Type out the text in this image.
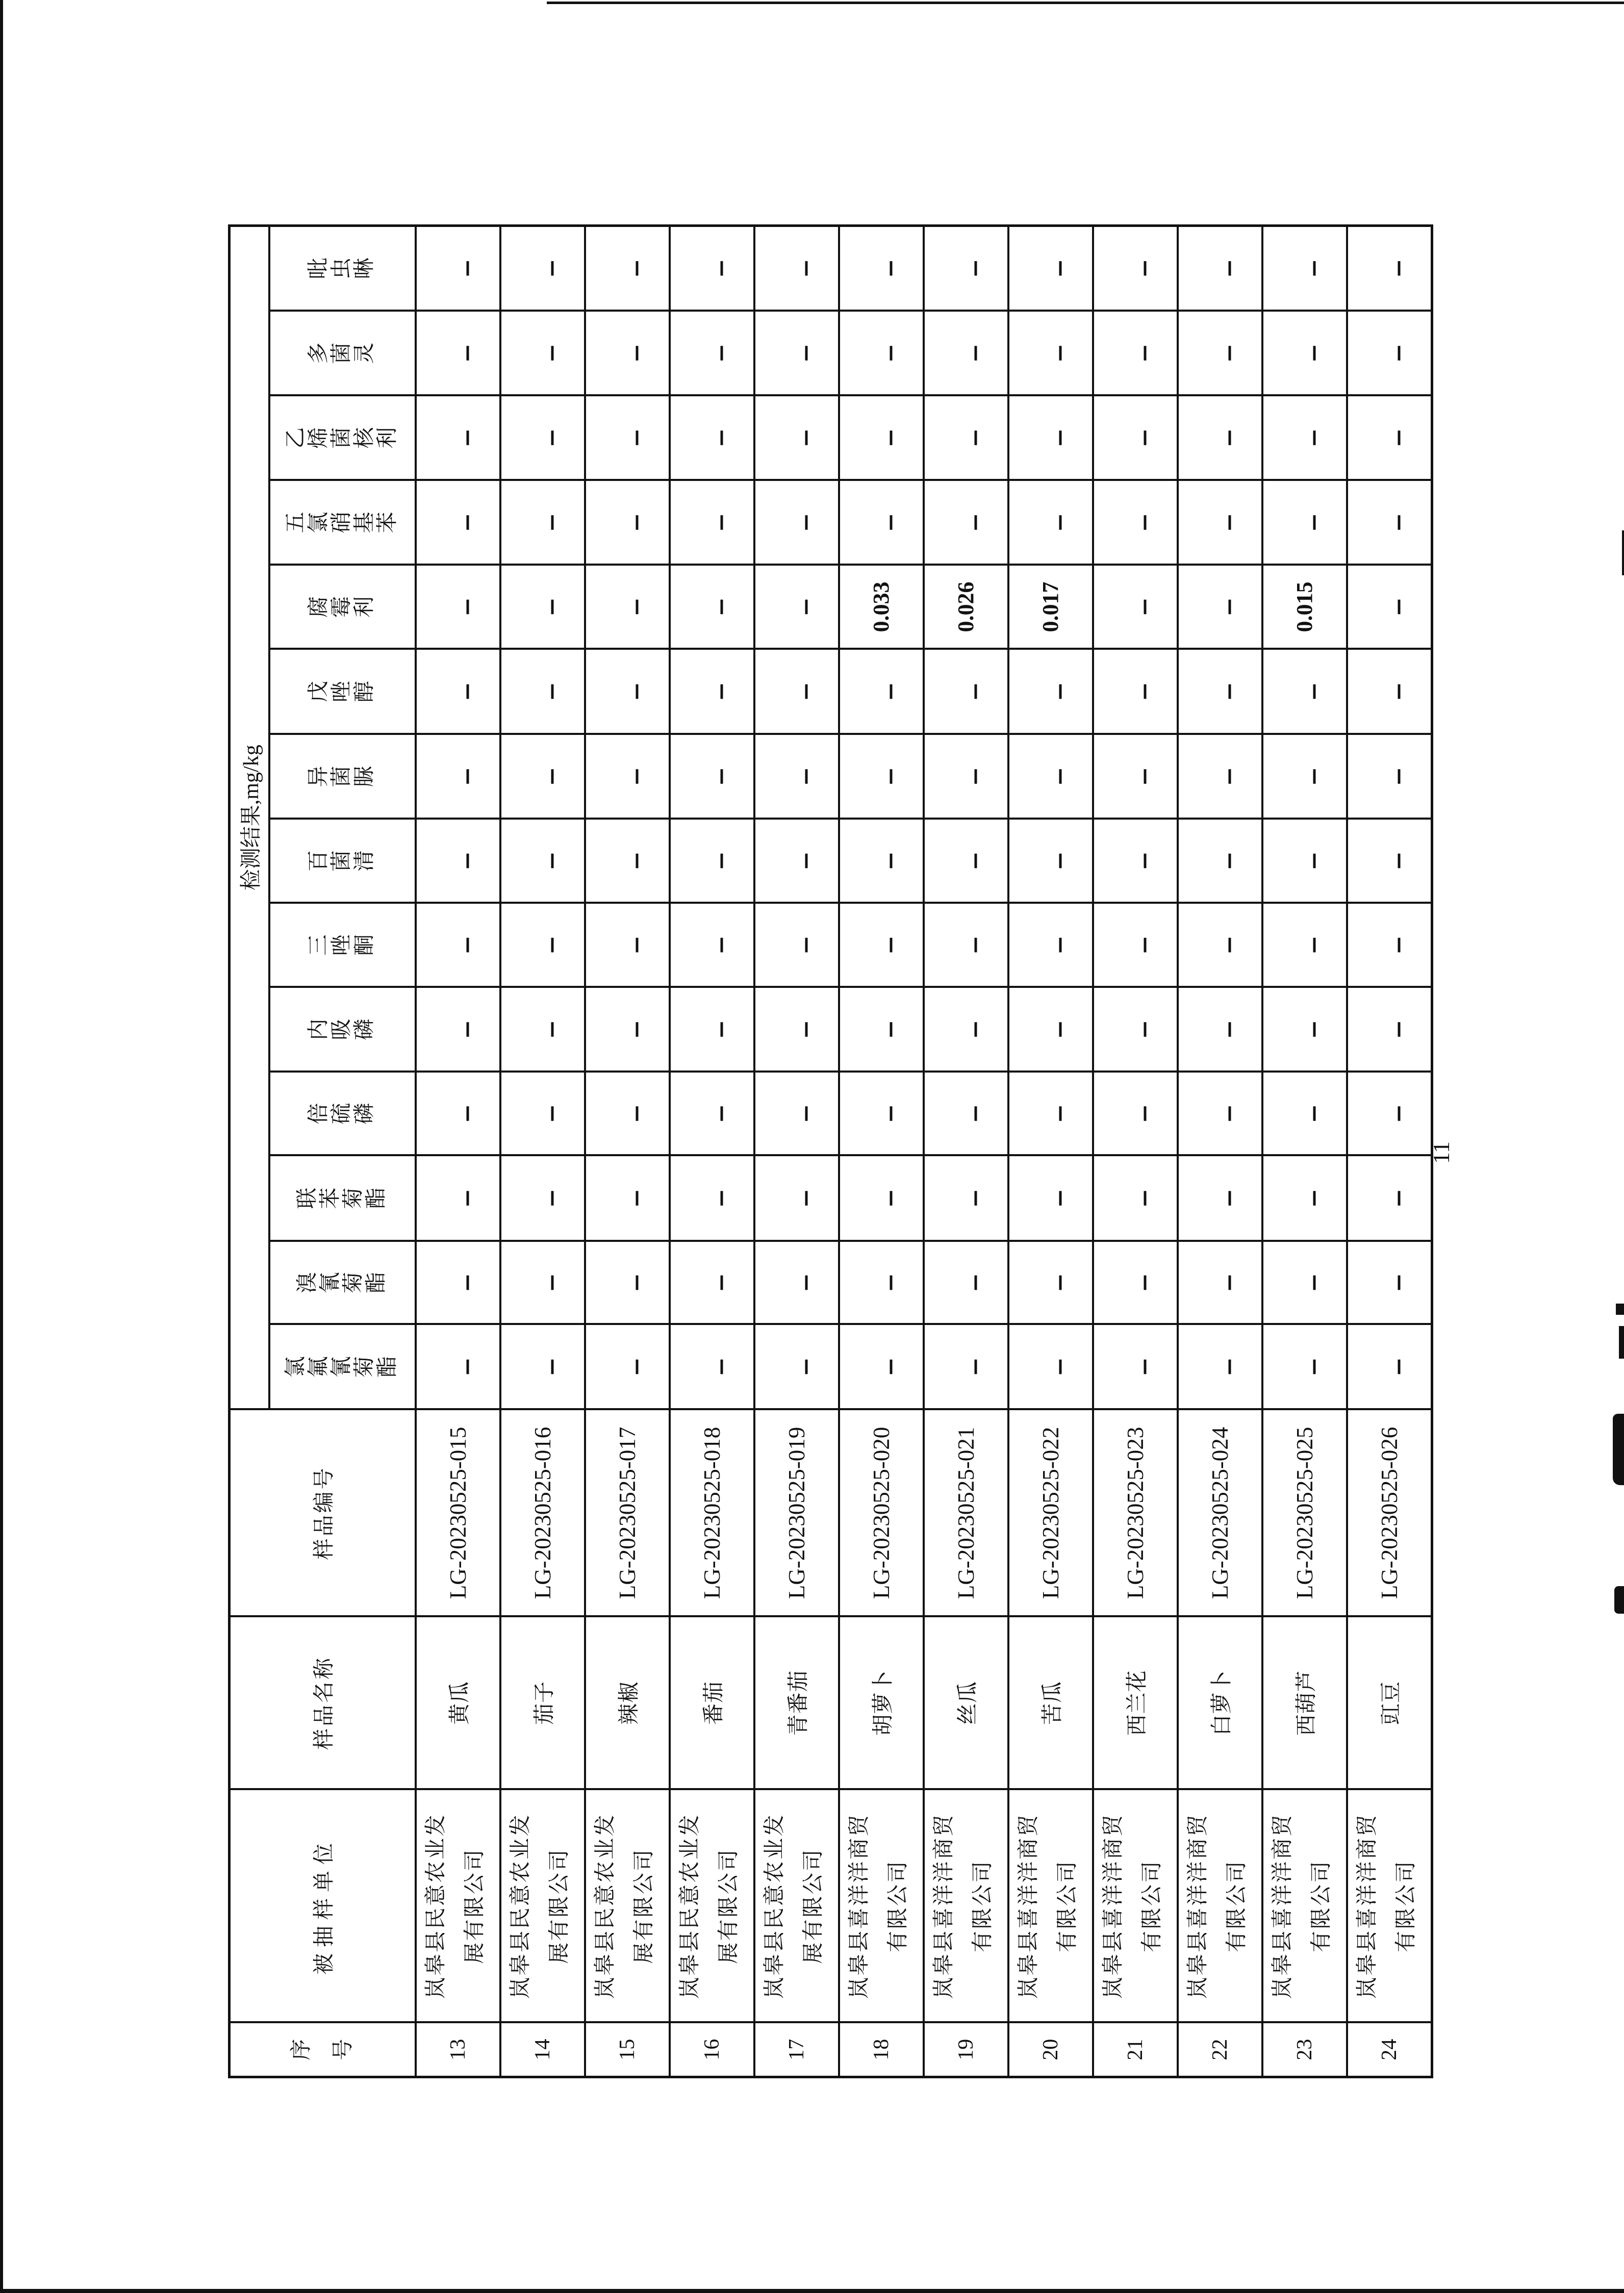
序号	被抽样单位	样品名称	样品编号	检测结果,mg/kg													
				氯氟氰菊酯	溴氰菊酯	联苯菊酯	倍硫磷	内吸磷	三唑酮	百菌清	异菌脲	戊唑醇	腐霉利	五氯硝基苯	乙烯菌核利	多菌灵	吡虫啉
13	岚皋县民意农业发展有限公司	黄瓜	LG-20230525-015	—	—	—	—	—	—	—	—	—	—	—	—	—	—
14	岚皋县民意农业发展有限公司	茄子	LG-20230525-016	—	—	—	—	—	—	—	—	—	—	—	—	—	—
15	岚皋县民意农业发展有限公司	辣椒	LG-20230525-017	—	—	—	—	—	—	—	—	—	—	—	—	—	—
16	岚皋县民意农业发展有限公司	番茄	LG-20230525-018	—	—	—	—	—	—	—	—	—	—	—	—	—	—
17	岚皋县民意农业发展有限公司	青番茄	LG-20230525-019	—	—	—	—	—	—	—	—	—	—	—	—	—	—
18	岚皋县喜洋洋商贸有限公司	胡萝卜	LG-20230525-020	—	—	—	—	—	—	—	—	—	0.033	—	—	—	—
19	岚皋县喜洋洋商贸有限公司	丝瓜	LG-20230525-021	—	—	—	—	—	—	—	—	—	0.026	—	—	—	—
20	岚皋县喜洋洋商贸有限公司	苦瓜	LG-20230525-022	—	—	—	—	—	—	—	—	—	0.017	—	—	—	—
21	岚皋县喜洋洋商贸有限公司	西兰花	LG-20230525-023	—	—	—	—	—	—	—	—	—	—	—	—	—	—
22	岚皋县喜洋洋商贸有限公司	白萝卜	LG-20230525-024	—	—	—	—	—	—	—	—	—	—	—	—	—	—
23	岚皋县喜洋洋商贸有限公司	西葫芦	LG-20230525-025	—	—	—	—	—	—	—	—	—	0.015	—	—	—	—
24	岚皋县喜洋洋商贸有限公司	豇豆	LG-20230525-026	—	—	—	—	—	—	—	—	—	—	—	—	—	—
11
